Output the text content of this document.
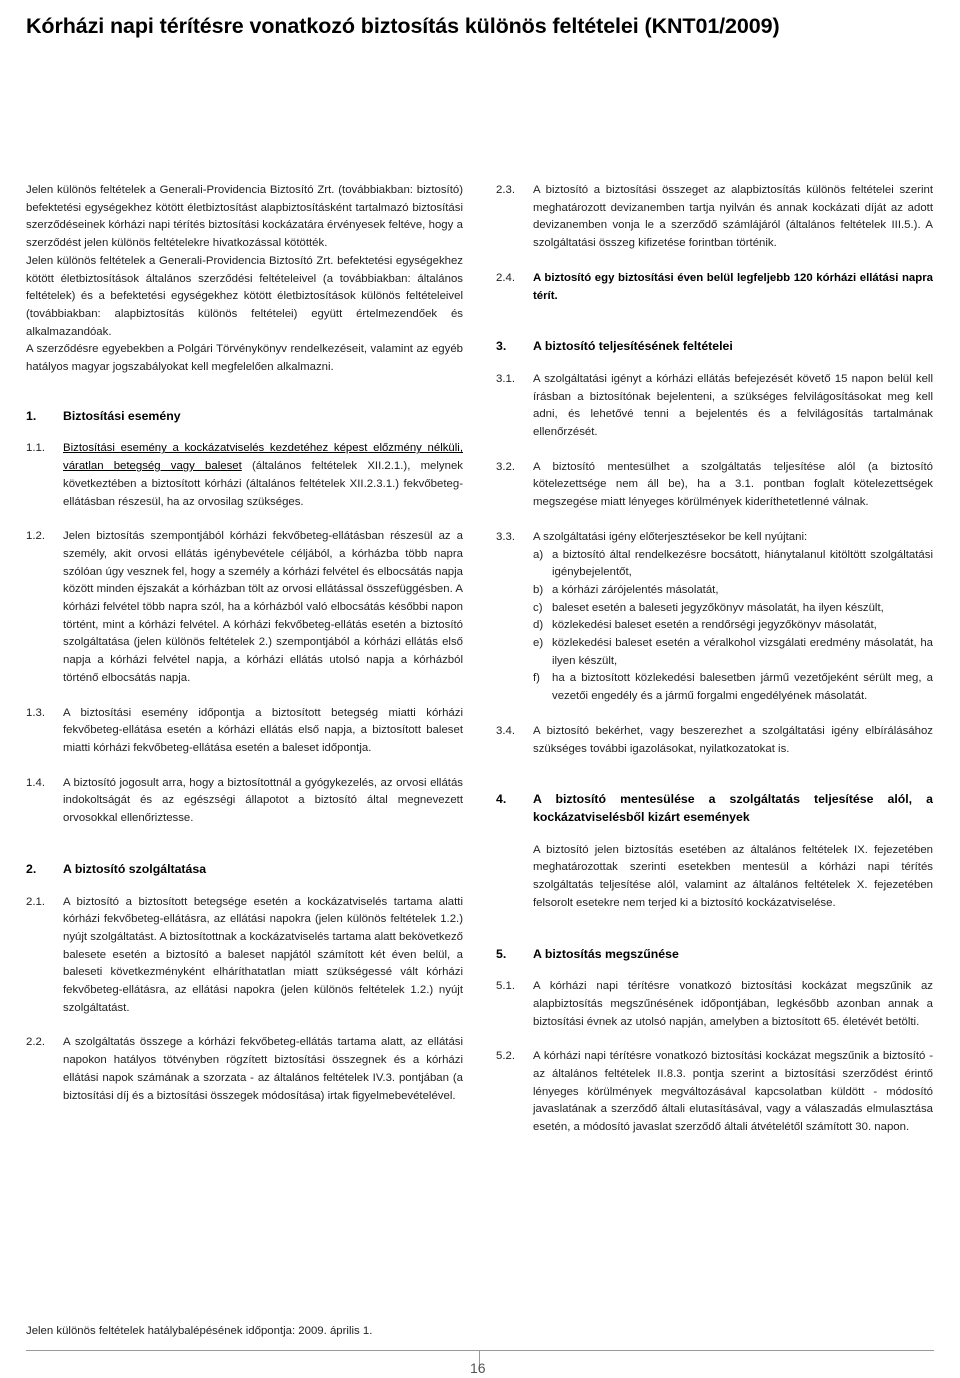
Kórházi napi térítésre vonatkozó biztosítás különös feltételei (KNT01/2009)

Jelen különös feltételek a Generali-Providencia Biztosító Zrt. (továbbiakban: biztosító) befektetési egységekhez kötött életbiztosítást alapbiztosításként tartalmazó biztosítási szerződéseinek kórházi napi térítés biztosítási kockázatára érvényesek feltéve, hogy a szerződést jelen különös feltételekre hivatkozással kötötték.

Jelen különös feltételek a Generali-Providencia Biztosító Zrt. befektetési egységekhez kötött életbiztosítások általános szerződési feltételeivel (a továbbiakban: általános feltételek) és a befektetési egységekhez kötött életbiztosítások különös feltételeivel (továbbiakban: alapbiztosítás különös feltételei) együtt értelmezendőek és alkalmazandóak.

A szerződésre egyebekben a Polgári Törvénykönyv rendelkezéseit, valamint az egyéb hatályos magyar jogszabályokat kell megfelelően alkalmazni.

1.	Biztosítási esemény
1.1.	Biztosítási esemény a kockázatviselés kezdetéhez képest előzmény nélküli, váratlan betegség vagy baleset (általános feltételek XII.2.1.), melynek következtében a biztosított kórházi (általános feltételek XII.2.3.1.) fekvőbeteg-ellátásban részesül, ha az orvosilag szükséges.
1.2.	Jelen biztosítás szempontjából kórházi fekvőbeteg-ellátásban részesül az a személy, akit orvosi ellátás igénybevétele céljából, a kórházba több napra szólóan úgy vesznek fel, hogy a személy a kórházi felvétel és elbocsátás napja között minden éjszakát a kórházban tölt az orvosi ellátással összefüggésben. A kórházi felvétel több napra szól, ha a kórházból való elbocsátás későbbi napon történt, mint a kórházi felvétel. A kórházi fekvőbeteg-ellátás esetén a biztosító szolgáltatása (jelen különös feltételek 2.) szempontjából a kórházi ellátás első napja a kórházi felvétel napja, a kórházi ellátás utolsó napja a kórházból történő elbocsátás napja.
1.3.	A biztosítási esemény időpontja a biztosított betegség miatti kórházi fekvőbeteg-ellátása esetén a kórházi ellátás első napja, a biztosított baleset miatti kórházi fekvőbeteg-ellátása esetén a baleset időpontja.
1.4.	A biztosító jogosult arra, hogy a biztosítottnál a gyógykezelés, az orvosi ellátás indokoltságát és az egészségi állapotot a biztosító által megnevezett orvosokkal ellenőriztesse.
2.	A biztosító szolgáltatása
2.1.	A biztosító a biztosított betegsége esetén a kockázatviselés tartama alatti kórházi fekvőbeteg-ellátásra, az ellátási napokra (jelen különös feltételek 1.2.) nyújt szolgáltatást. A biztosítottnak a kockázatviselés tartama alatt bekövetkező balesete esetén a biztosító a baleset napjától számított két éven belül, a baleseti következményként elháríthatatlan miatt szükségessé vált kórházi fekvőbeteg-ellátásra, az ellátási napokra (jelen különös feltételek 1.2.) nyújt szolgáltatást.
2.2.	A szolgáltatás összege a kórházi fekvőbeteg-ellátás tartama alatt, az ellátási napokon hatályos tötvényben rögzített biztosítási összegnek és a kórházi ellátási napok számának a szorzata - az általános feltételek IV.3. pontjában (a biztosítási díj és a biztosítási összegek módosítása) irtak figyelmebevételével.
2.3.	A biztosító a biztosítási összeget az alapbiztosítás különös feltételei szerint meghatározott devizanemben tartja nyilván és annak kockázati díját az adott devizanemben vonja le a szerződő számlájáról (általános feltételek III.5.). A szolgáltatási összeg kifizetése forintban történik.
2.4.	A biztosító egy biztosítási éven belül legfeljebb 120 kórházi ellátási napra térít.
3.	A biztosító teljesítésének feltételei
3.1.	A szolgáltatási igényt a kórházi ellátás befejezését követő 15 napon belül kell írásban a biztosítónak bejelenteni, a szükséges felvilágosításokat meg kell adni, és lehetővé tenni a bejelentés és a felvilágosítás tartalmának ellenőrzését.
3.2.	A biztosító mentesülhet a szolgáltatás teljesítése alól (a biztosító kötelezettsége nem áll be), ha a 3.1. pontban foglalt kötelezettségek megszegése miatt lényeges körülmények kideríthetetlenné válnak.
3.3.	A szolgáltatási igény előterjesztésekor be kell nyújtani:
a) a biztosító által rendelkezésre bocsátott, hiánytalanul kitöltött szolgáltatási igénybejelentőt,
b) a kórházi zárójelentés másolatát,
c) baleset esetén a baleseti jegyzőkönyv másolatát, ha ilyen készült,
d) közlekedési baleset esetén a rendőrségi jegyzőkönyv másolatát,
e) közlekedési baleset esetén a véralkohol vizsgálati eredmény másolatát, ha ilyen készült,
f)	ha a biztosított közlekedési balesetben jármű vezetőjeként sérült meg, a vezetői engedély és a jármű forgalmi engedélyének másolatát.
3.4.	A biztosító bekérhet, vagy beszerezhet a szolgáltatási igény elbírálásához szükséges további igazolásokat, nyilatkozatokat is.
4.	A biztosító mentesülése a szolgáltatás teljesítése alól, a kockázatviselésből kizárt események
A biztosító jelen biztosítás esetében az általános feltételek IX. fejezetében meghatározottak szerinti esetekben mentesül a kórházi napi térítés szolgáltatás teljesítése alól, valamint az általános feltételek X. fejezetében felsorolt esetekre nem terjed ki a biztosító kockázatviselése.
5.	A biztosítás megszűnése
5.1.	A kórházi napi térítésre vonatkozó biztosítási kockázat megszűnik az alapbiztosítás megszűnésének időpontjában, legkésőbb azonban annak a biztosítási évnek az utolsó napján, amelyben a biztosított 65. életévét betölti.
5.2.	A kórházi napi térítésre vonatkozó biztosítási kockázat megszűnik a biztosító - az általános feltételek II.8.3. pontja szerint a biztosítási szerződést érintő lényeges körülmények megváltozásával kapcsolatban küldött - módosító javaslatának a szerződő általi elutasításával, vagy a válaszadás elmulasztása esetén, a módosító javaslat szerződő általi átvételétől számított 30. napon.
Jelen különös feltételek hatálybalépésének időpontja: 2009. április 1.
16
